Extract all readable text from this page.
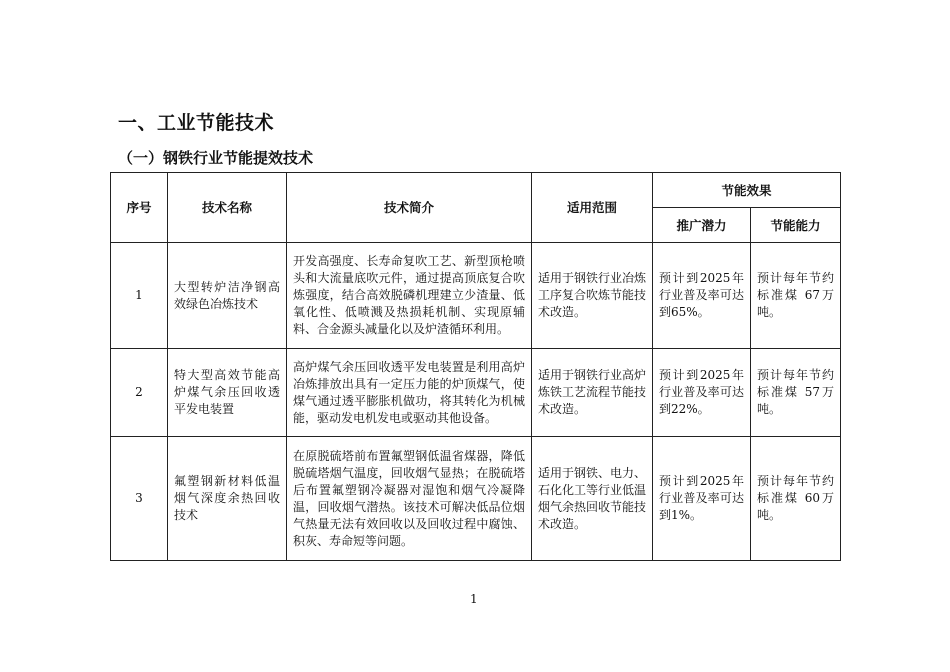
一、工业节能技术
（一）钢铁行业节能提效技术
序号	技术名称	技术简介	适用范围	节能效果	
				推广潜力	节能能力
1	大型转炉洁净钢高效绿色冶炼技术	开发高强度、长寿命复吹工艺、新型顶枪喷头和大流量底吹元件，通过提高顶底复合吹炼强度，结合高效脱磷机理建立少渣量、低氧化性、低喷溅及热损耗机制、实现原辅料、合金源头减量化以及炉渣循环利用。	适用于钢铁行业冶炼工序复合吹炼节能技术改造。	预计到2025年行业普及率可达到65%。	预计每年节约标准煤 67万吨。
2	特大型高效节能高炉煤气余压回收透平发电装置	高炉煤气余压回收透平发电装置是利用高炉冶炼排放出具有一定压力能的炉顶煤气，使煤气通过透平膨胀机做功，将其转化为机械能，驱动发电机发电或驱动其他设备。	适用于钢铁行业高炉炼铁工艺流程节能技术改造。	预计到2025年行业普及率可达到22%。	预计每年节约标准煤 57万吨。
3	氟塑钢新材料低温烟气深度余热回收技术	在原脱硫塔前布置氟塑钢低温省煤器，降低脱硫塔烟气温度，回收烟气显热；在脱硫塔后布置氟塑钢冷凝器对湿饱和烟气冷凝降温，回收烟气潜热。该技术可解决低品位烟气热量无法有效回收以及回收过程中腐蚀、积灰、寿命短等问题。	适用于钢铁、电力、石化化工等行业低温烟气余热回收节能技术改造。	预计到2025年行业普及率可达到1%。	预计每年节约标准煤 60万吨。
1
